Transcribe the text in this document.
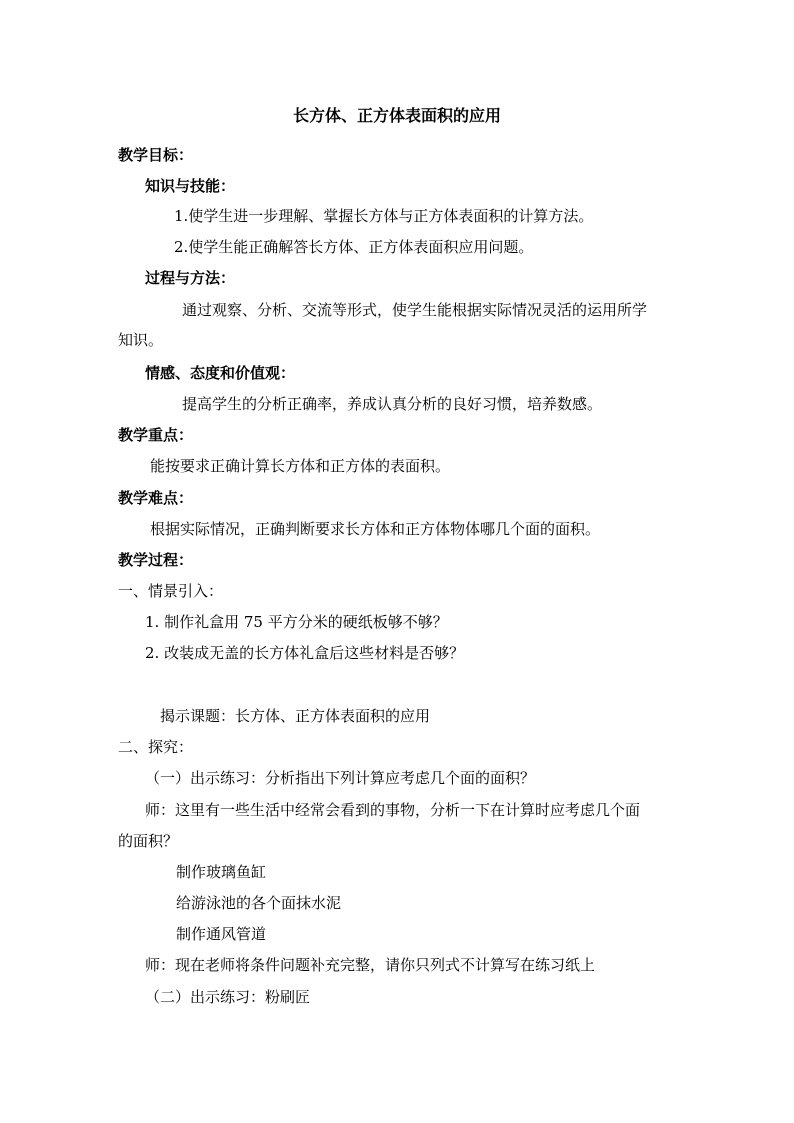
长方体、正方体表面积的应用
教学目标：
知识与技能：
1.使学生进一步理解、掌握长方体与正方体表面积的计算方法。
2.使学生能正确解答长方体、正方体表面积应用问题。
过程与方法：
通过观察、分析、交流等形式，使学生能根据实际情况灵活的运用所学
知识。
情感、态度和价值观：
提高学生的分析正确率，养成认真分析的良好习惯，培养数感。
教学重点：
能按要求正确计算长方体和正方体的表面积。
教学难点：
根据实际情况，正确判断要求长方体和正方体物体哪几个面的面积。
教学过程：
一、情景引入：
1. 制作礼盒用 75 平方分米的硬纸板够不够？
2. 改装成无盖的长方体礼盒后这些材料是否够？
揭示课题：长方体、正方体表面积的应用
二、探究：
（一）出示练习：分析指出下列计算应考虑几个面的面积？
师：这里有一些生活中经常会看到的事物，分析一下在计算时应考虑几个面
的面积？
制作玻璃鱼缸
给游泳池的各个面抹水泥
制作通风管道
师：现在老师将条件问题补充完整，请你只列式不计算写在练习纸上
（二）出示练习：粉刷匠
